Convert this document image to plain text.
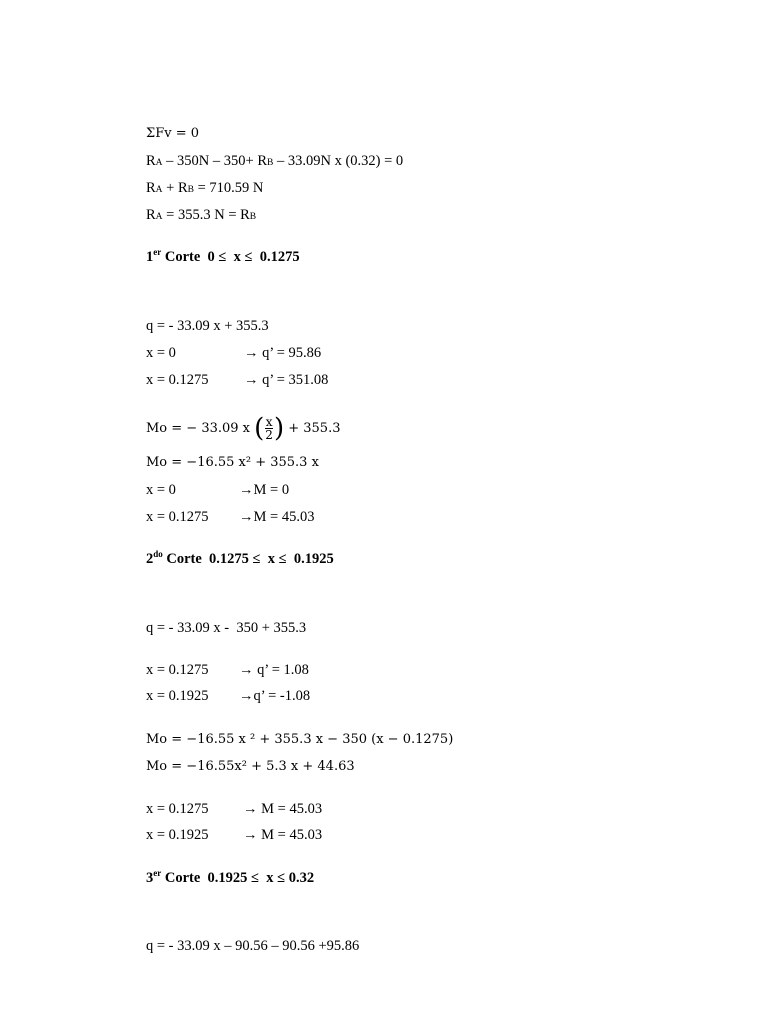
ΣFv = 0
RA – 350N – 350+ RB – 33.09N x (0.32) = 0
RA + RB = 710.59 N
RA = 355.3 N = RB
1er Corte  0 ≤  x ≤  0.1275
q = - 33.09 x + 355.3
x = 0	→ q’ = 95.86
x = 0.1275 → q’ = 351.08
Mo = − 33.09 x ( $\frac{x}{2}$ ) + 355.3
Mo = −16.55 x² + 355.3 x
x = 0	→M = 0
x = 0.1275 →M = 45.03
$2^{do}$ Corte  0.1275 ≤  x ≤  0.1925
q = - 33.09 x -  350 + 355.3
x = 0.1275 → q’ = 1.08
x = 0.1925 →q’ = -1.08
Mo = −16.55 x ² + 355.3 x − 350 (x − 0.1275)
Mo = −16.55x² + 5.3 x + 44.63
x = 0.1275 → M = 45.03
x = 0.1925 → M = 45.03
3er Corte  0.1925 ≤  x ≤ 0.32
q = - 33.09 x – 90.56 – 90.56 +95.86
